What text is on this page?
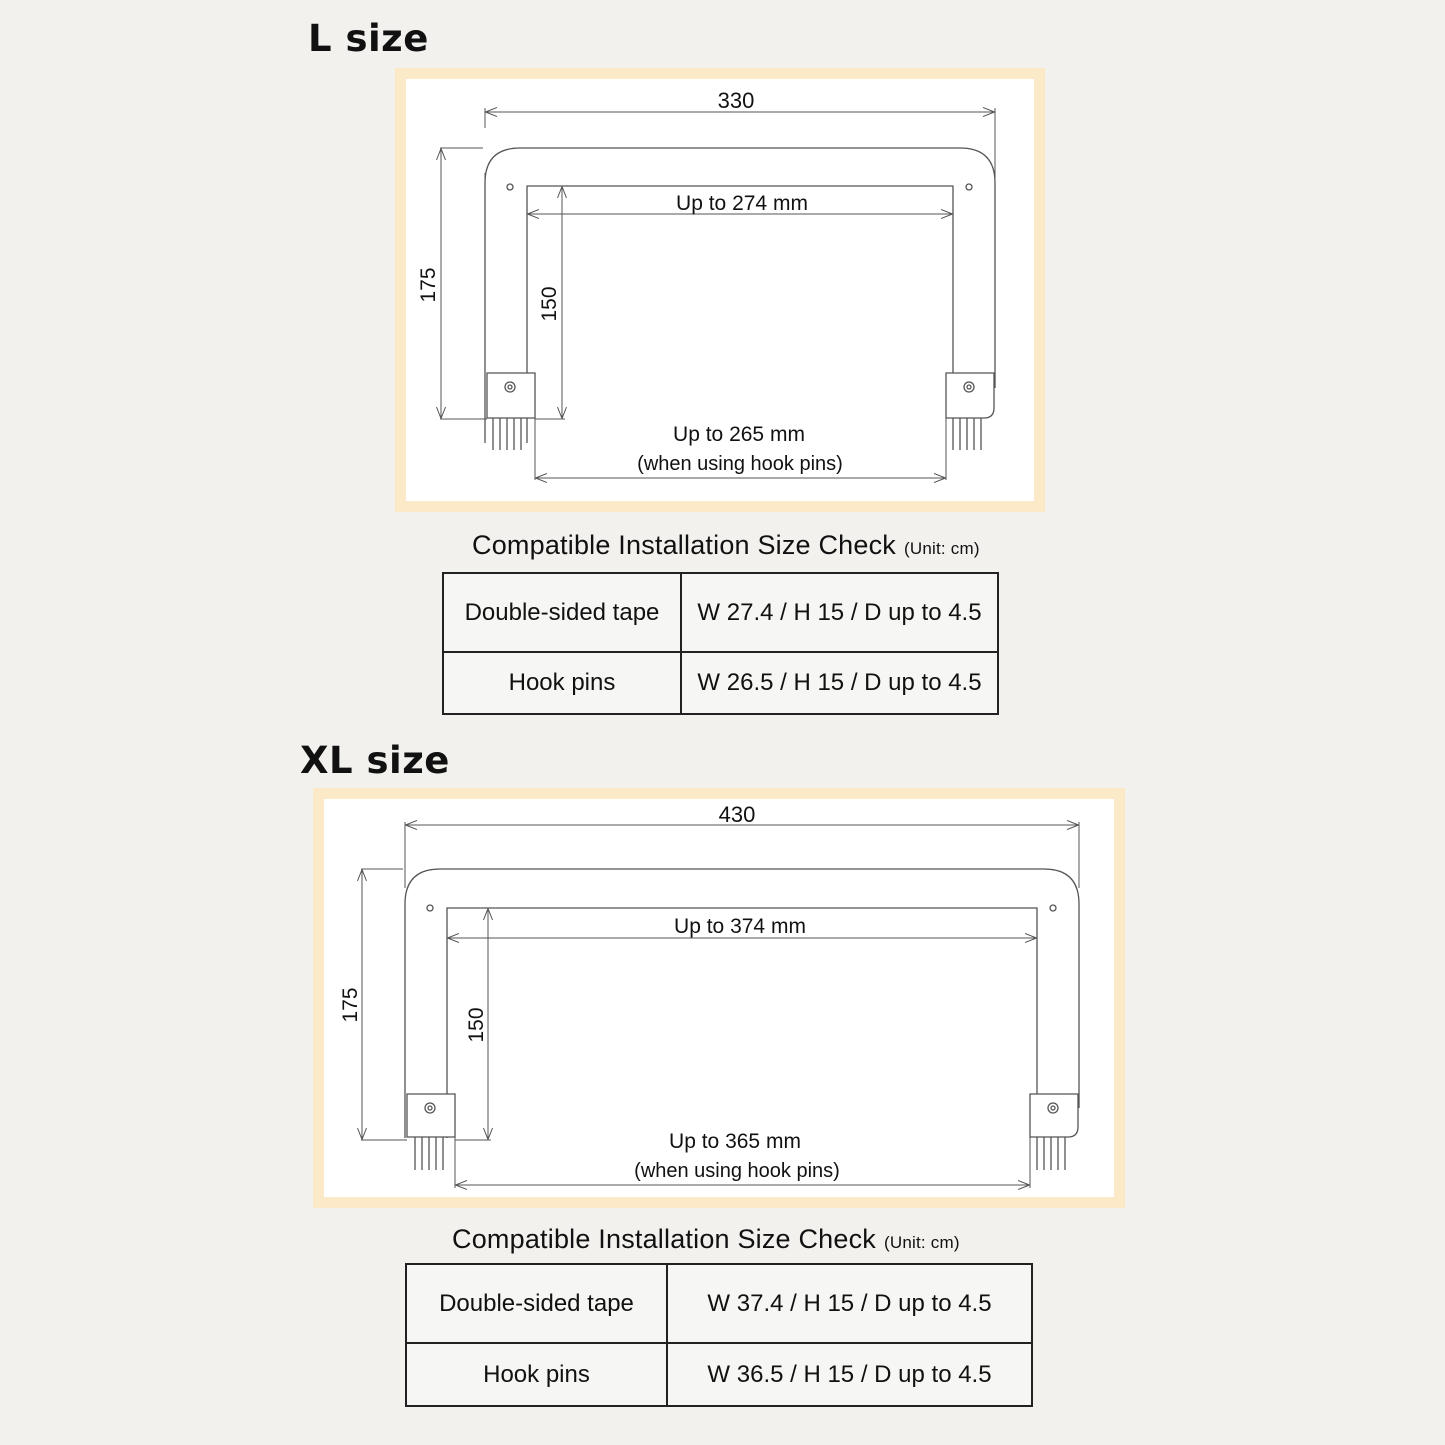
L size
330
Up to 274 mm
175
150
Up to 265 mm
(when using hook pins)
Compatible Installation Size Check (Unit: cm)
Double-sided tape	W 27.4 / H 15 / D up to 4.5
Hook pins	W 26.5 / H 15 / D up to 4.5
XL size
430
Up to 374 mm
175
150
Up to 365 mm
(when using hook pins)
Compatible Installation Size Check (Unit: cm)
Double-sided tape	W 37.4 / H 15 / D up to 4.5
Hook pins	W 36.5 / H 15 / D up to 4.5
